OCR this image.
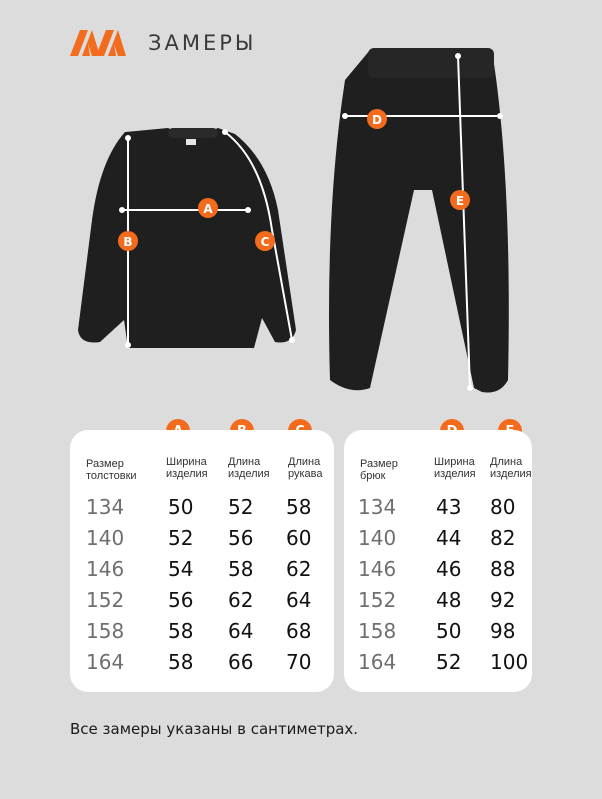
ЗАМЕРЫ
A
B	C
D
E
Размер толстовки
Ширина изделия
Длина изделия
Длина рукава
134 50 52 58
140 52 56 60
146 54 58 62
152 56 62 64
158 58 64 68
164 58 66 70
Размер брюк
Ширина изделия
Длина изделия
134 43 80
140 44 82
146 46 88
152 48 92
158 50 98
164 52 100
Все замеры указаны в сантиметрах.
